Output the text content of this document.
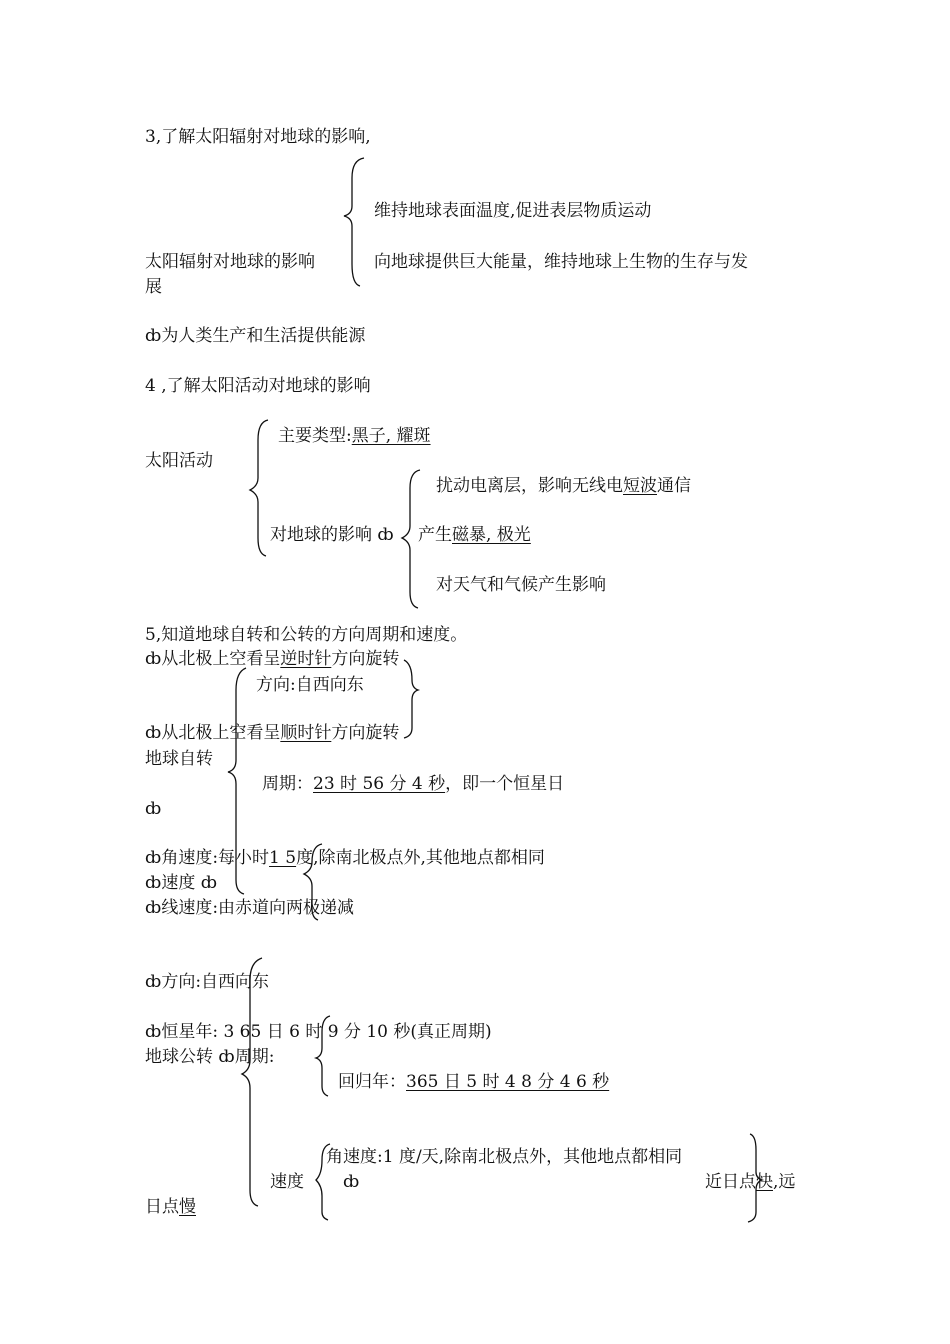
3,了解太阳辐射对地球的影响,
维持地球表面温度,促进表层物质运动
太阳辐射对地球的影响	向地球提供巨大能量，维持地球上生物的生存与发
展
ȸ为人类生产和生活提供能源
4 ,了解太阳活动对地球的影响
主要类型:黑子, 耀斑
太阳活动
扰动电离层，影响无线电短波通信
对地球的影响 ȸ 产生磁暴, 极光
对天气和气候产生影响
5,知道地球自转和公转的方向周期和速度。
ȸ从北极上空看呈逆时针方向旋转
方向:自西向东
ȸ从北极上空看呈顺时针方向旋转
地球自转
周期：23 时 56 分 4 秒，即一个恒星日
ȸ
ȸ角速度:每小时1 5度,除南北极点外,其他地点都相同
ȸ速度 ȸ
ȸ线速度:由赤道向两极递减
ȸ方向:自西向东
ȸ恒星年: 3 65 日 6 时 9 分 10 秒(真正周期)
地球公转 ȸ周期:
回归年：365 日 5 时 4 8 分 4 6 秒
角速度:1 度/天,除南北极点外，其他地点都相同
速度 ȸ	近日点快,远
日点慢
